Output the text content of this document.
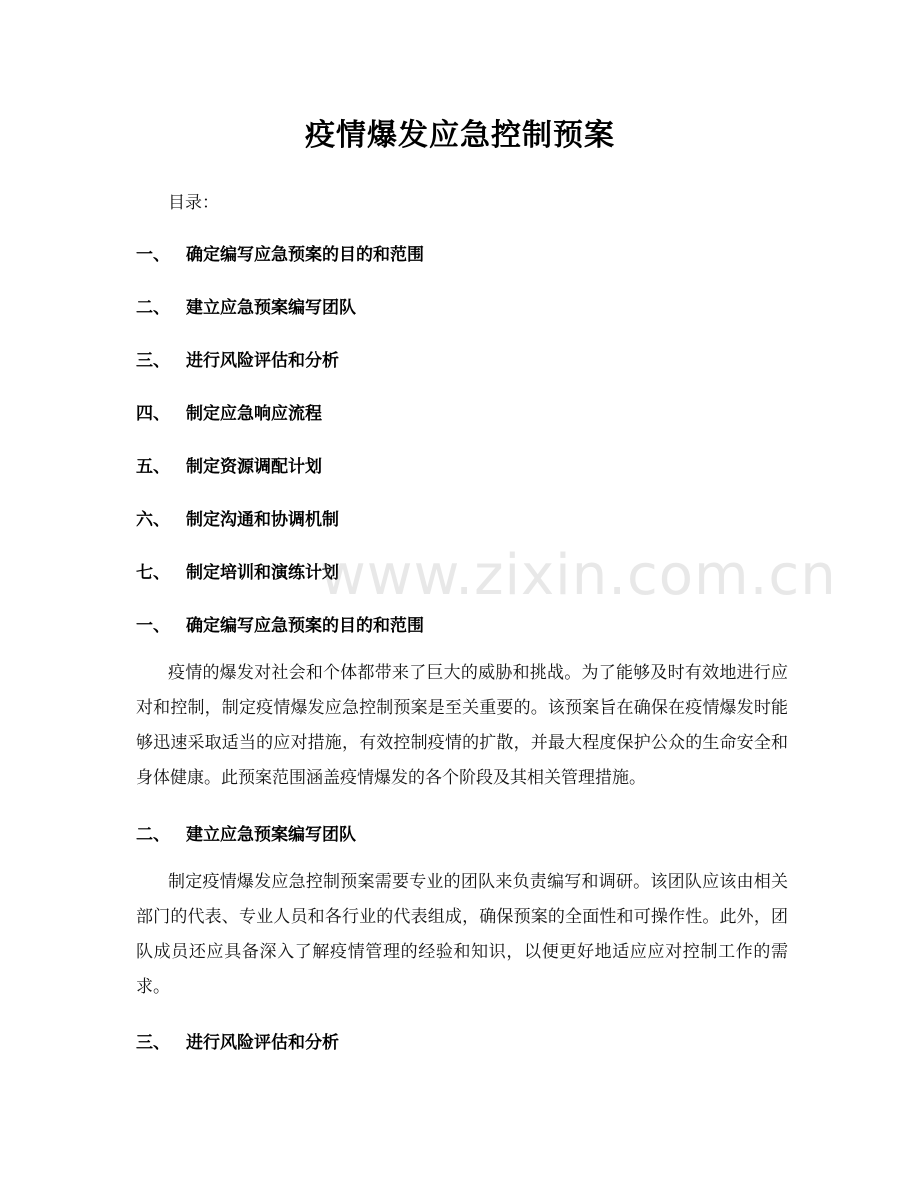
疫情爆发应急控制预案
目录：
一、 确定编写应急预案的目的和范围
二、 建立应急预案编写团队
三、 进行风险评估和分析
四、 制定应急响应流程
五、 制定资源调配计划
六、 制定沟通和协调机制
七、 制定培训和演练计划
一、 确定编写应急预案的目的和范围
疫情的爆发对社会和个体都带来了巨大的威胁和挑战。为了能够及时有效地进行应对和控制，制定疫情爆发应急控制预案是至关重要的。该预案旨在确保在疫情爆发时能够迅速采取适当的应对措施，有效控制疫情的扩散，并最大程度保护公众的生命安全和身体健康。此预案范围涵盖疫情爆发的各个阶段及其相关管理措施。
二、 建立应急预案编写团队
制定疫情爆发应急控制预案需要专业的团队来负责编写和调研。该团队应该由相关部门的代表、专业人员和各行业的代表组成，确保预案的全面性和可操作性。此外，团队成员还应具备深入了解疫情管理的经验和知识，以便更好地适应应对控制工作的需求。
三、 进行风险评估和分析
www.zixin.com.cn
